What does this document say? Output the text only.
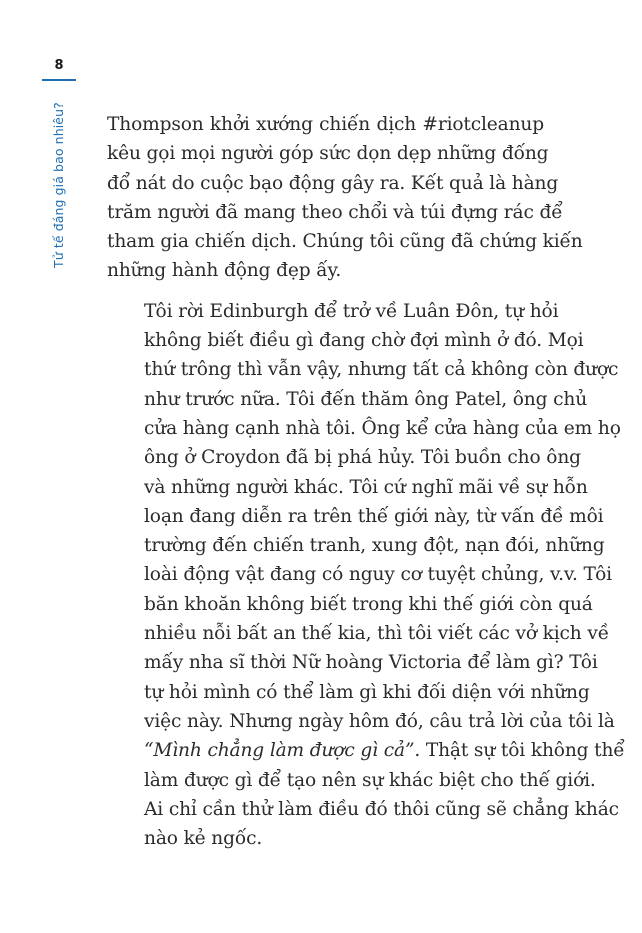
8
Tử tế đáng giá bao nhiêu? Thompson khởi xướng chiến dịch #riotcleanup
kêu gọi mọi người góp sức dọn dẹp những đống
đổ nát do cuộc bạo động gây ra. Kết quả là hàng
trăm người đã mang theo chổi và túi đựng rác để
tham gia chiến dịch. Chúng tôi cũng đã chứng kiến
những hành động đẹp ấy.

Tôi rời Edinburgh để trở về Luân Đôn, tự hỏi
không biết điều gì đang chờ đợi mình ở đó. Mọi
thứ trông thì vẫn vậy, nhưng tất cả không còn được
như trước nữa. Tôi đến thăm ông Patel, ông chủ
cửa hàng cạnh nhà tôi. Ông kể cửa hàng của em họ
ông ở Croydon đã bị phá hủy. Tôi buồn cho ông
và những người khác. Tôi cứ nghĩ mãi về sự hỗn
loạn đang diễn ra trên thế giới này, từ vấn đề môi
trường đến chiến tranh, xung đột, nạn đói, những
loài động vật đang có nguy cơ tuyệt chủng, v.v. Tôi
băn khoăn không biết trong khi thế giới còn quá
nhiều nỗi bất an thế kia, thì tôi viết các vở kịch về
mấy nha sĩ thời Nữ hoàng Victoria để làm gì? Tôi
tự hỏi mình có thể làm gì khi đối diện với những
việc này. Nhưng ngày hôm đó, câu trả lời của tôi là
“Mình chẳng làm được gì cả”. Thật sự tôi không thể
làm được gì để tạo nên sự khác biệt cho thế giới.
Ai chỉ cần thử làm điều đó thôi cũng sẽ chẳng khác
nào kẻ ngốc.
